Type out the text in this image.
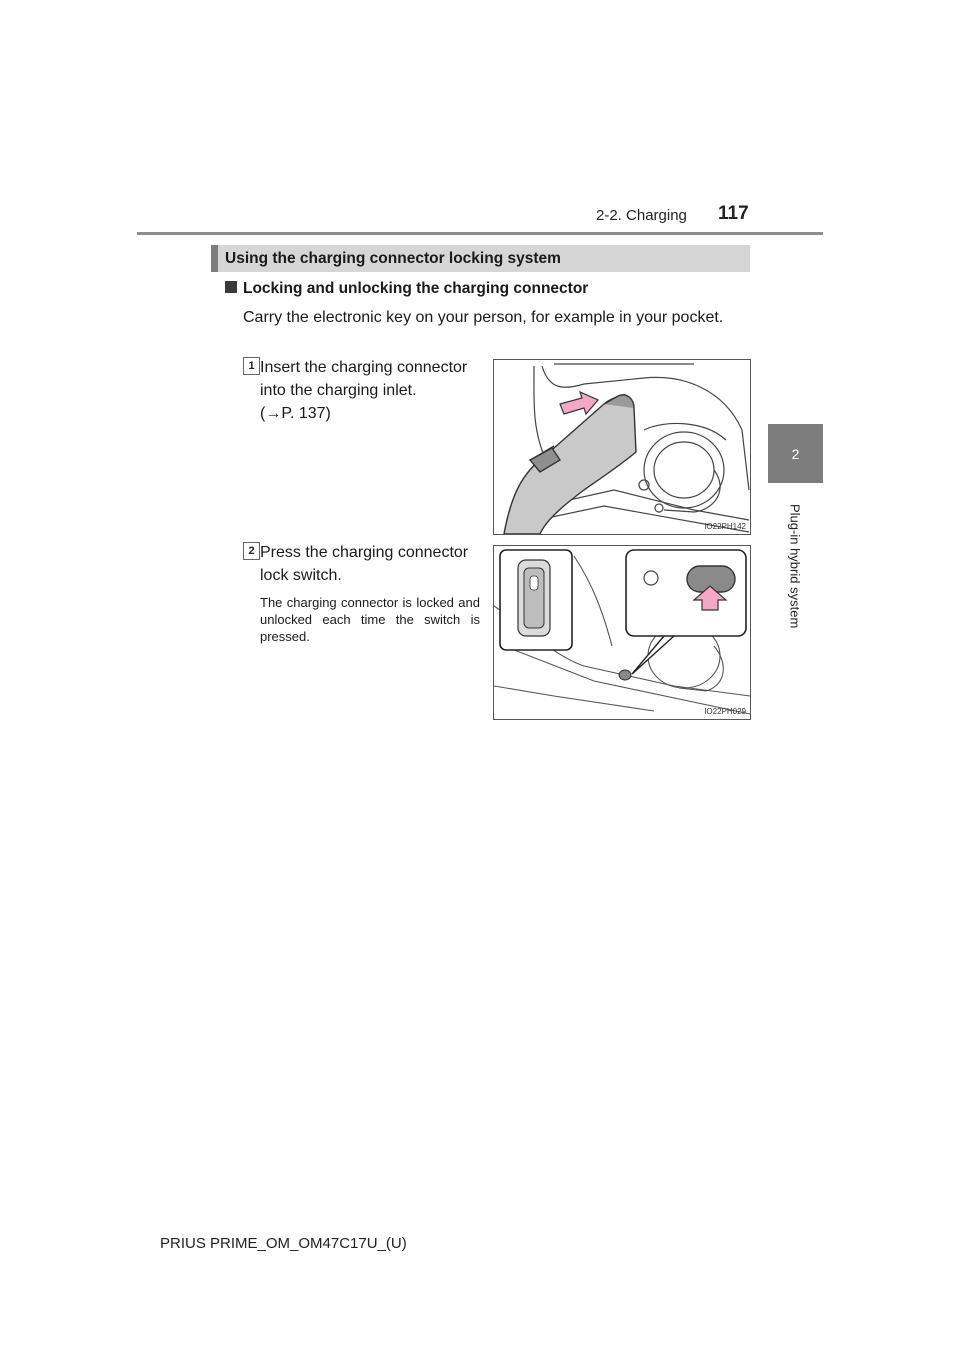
2-2. Charging 117
2
Plug-in hybrid system
Using the charging connector locking system
Locking and unlocking the charging connector
Carry the electronic key on your person, for example in your pocket.
1 Insert the charging connector
into the charging inlet.
(→P. 137)
IO22PH142
2 Press the charging connector
lock switch.
The charging connector is locked and unlocked each time the switch is pressed.
IO22PH029
PRIUS PRIME_OM_OM47C17U_(U)
